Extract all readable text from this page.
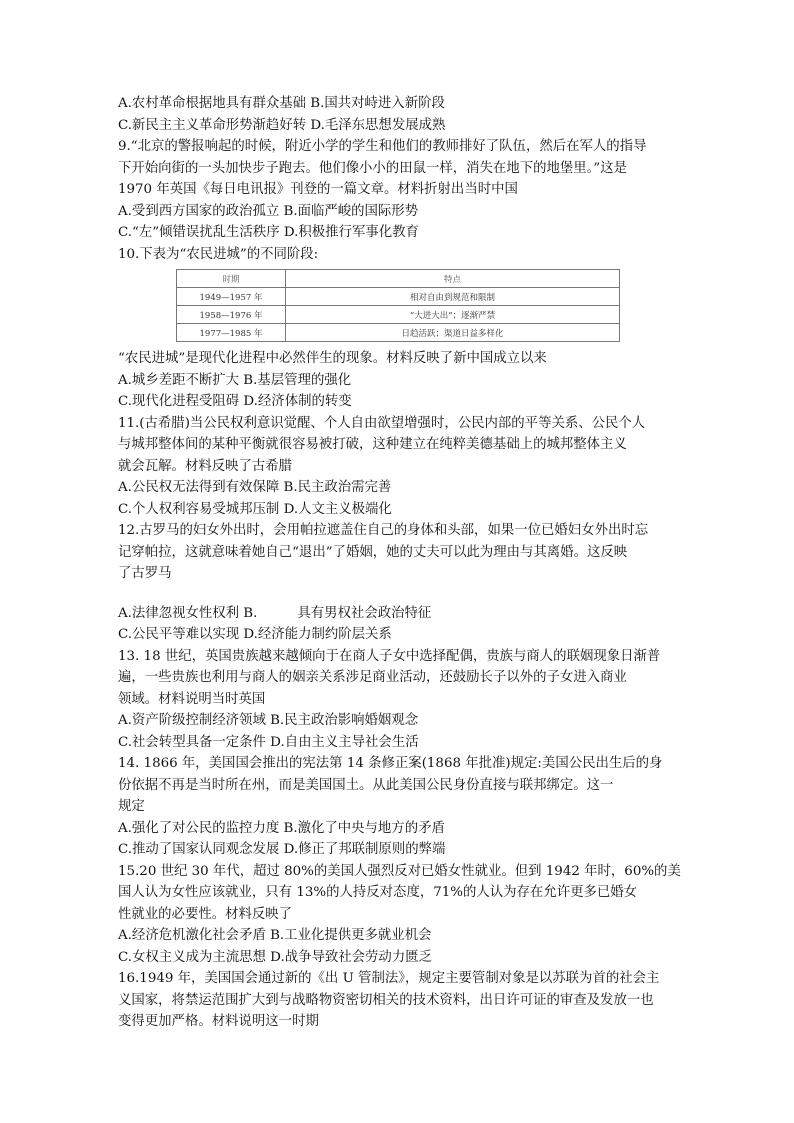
A.农村革命根据地具有群众基础 B.国共对峙进入新阶段
C.新民主主义革命形势渐趋好转 D.毛泽东思想发展成熟
9.“北京的警报响起的时候，附近小学的学生和他们的教师排好了队伍，然后在军人的指导
下开始向街的一头加快步子跑去。他们像小小的田鼠一样，消失在地下的地堡里。”这是
1970 年英国《每日电讯报》刊登的一篇文章。材料折射出当时中国
A.受到西方国家的政治孤立 B.面临严峻的国际形势
C.“左”倾错误扰乱生活秩序 D.积极推行军事化教育
10.下表为“农民进城”的不同阶段:
时期	特点
1949—1957 年	相对自由到规范和限制
1958—1976 年	“大进大出”；逐渐严禁
1977—1985 年	日趋活跃；渠道日益多样化
“农民进城”是现代化进程中必然伴生的现象。材料反映了新中国成立以来
A.城乡差距不断扩大 B.基层管理的强化
C.现代化进程受阻碍 D.经济体制的转变
11.(古希腊)当公民权利意识觉醒、个人自由欲望增强时，公民内部的平等关系、公民个人
与城邦整体间的某种平衡就很容易被打破，这种建立在纯粹美德基础上的城邦整体主义
就会瓦解。材料反映了古希腊
A.公民权无法得到有效保障 B.民主政治需完善
C.个人权利容易受城邦压制 D.人文主义极端化
12.古罗马的妇女外出时，会用帕拉遮盖住自己的身体和头部，如果一位已婚妇女外出时忘
记穿帕拉，这就意味着她自己“退出”了婚姻，她的丈夫可以此为理由与其离婚。这反映
了古罗马
A.法律忽视女性权利 B.	具有男权社会政治特征
C.公民平等难以实现 D.经济能力制约阶层关系
13. 18 世纪，英国贵族越来越倾向于在商人子女中选择配偶，贵族与商人的联姻现象日渐普
遍，一些贵族也利用与商人的姻亲关系涉足商业活动，还鼓励长子以外的子女进入商业
领域。材料说明当时英国
A.资产阶级控制经济领域 B.民主政治影响婚姻观念
C.社会转型具备一定条件 D.自由主义主导社会生活
14. 1866 年，美国国会推出的宪法第 14 条修正案(1868 年批准)规定:美国公民出生后的身
份依据不再是当时所在州，而是美国国土。从此美国公民身份直接与联邦绑定。这一
规定
A.强化了对公民的监控力度 B.激化了中央与地方的矛盾
C.推动了国家认同观念发展 D.修正了邦联制原则的弊端
15.20 世纪 30 年代，超过 80%的美国人强烈反对已婚女性就业。但到 1942 年时，60%的美
国人认为女性应该就业，只有 13%的人持反对态度，71%的人认为存在允许更多已婚女
性就业的必要性。材料反映了
A.经济危机激化社会矛盾 B.工业化提供更多就业机会
C.女权主义成为主流思想 D.战争导致社会劳动力匮乏
16.1949 年，美国国会通过新的《出 U 管制法》，规定主要管制对象是以苏联为首的社会主
义国家，将禁运范围扩大到与战略物资密切相关的技术资料，出日许可证的审查及发放一也
变得更加严格。材料说明这一时期
